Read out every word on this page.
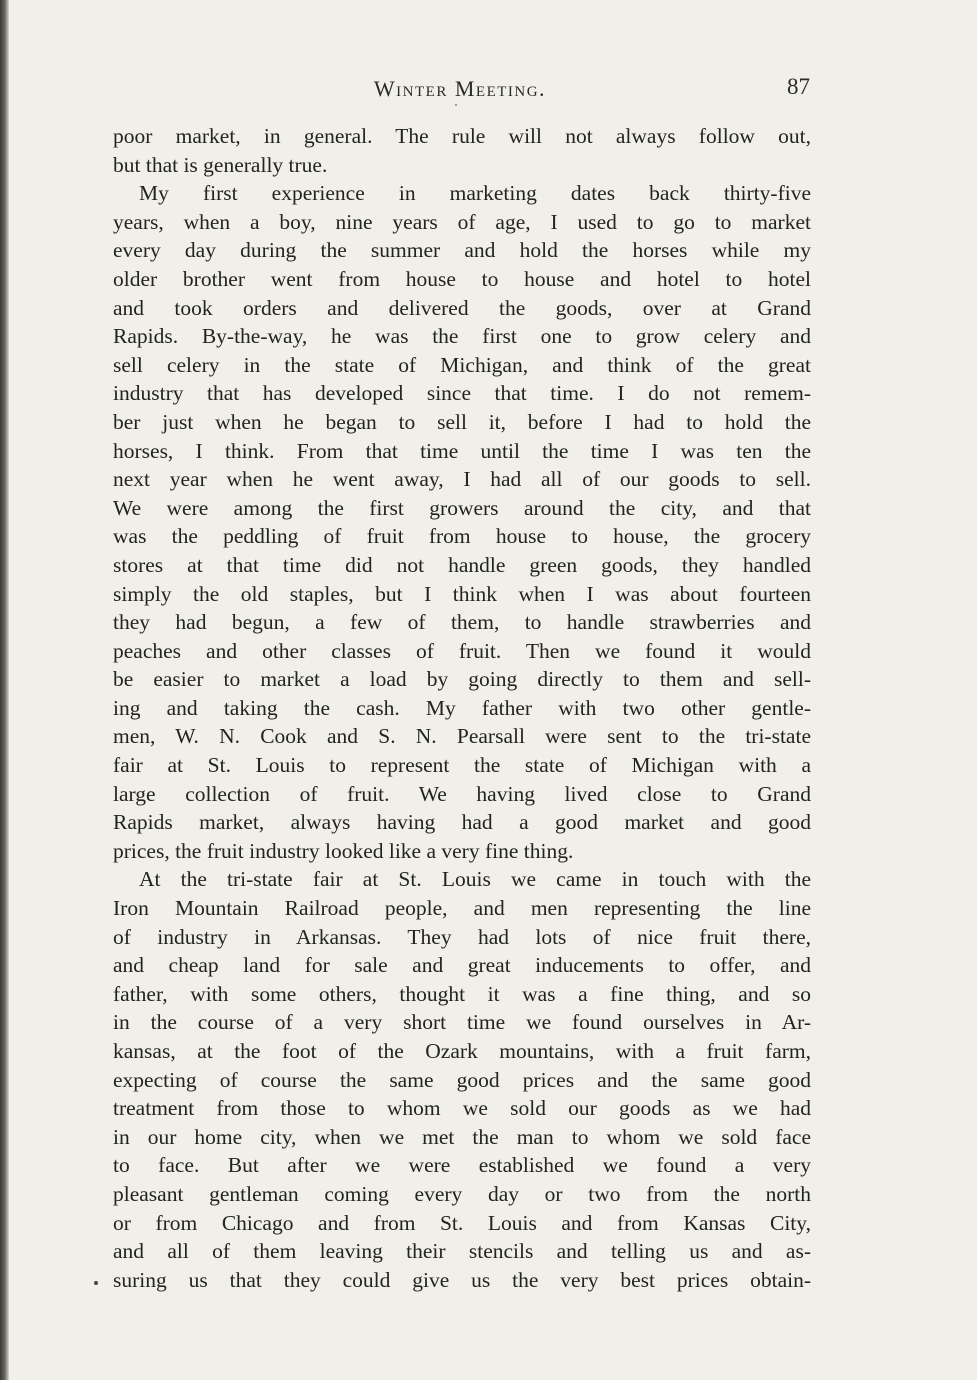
Winter Meeting.	87
poor market, in general. The rule will not always follow out,
but that is generally true.
My first experience in marketing dates back thirty-five
years, when a boy, nine years of age, I used to go to market
every day during the summer and hold the horses while my
older brother went from house to house and hotel to hotel
and took orders and delivered the goods, over at Grand
Rapids. By-the-way, he was the first one to grow celery and
sell celery in the state of Michigan, and think of the great
industry that has developed since that time. I do not remem-
ber just when he began to sell it, before I had to hold the
horses, I think. From that time until the time I was ten the
next year when he went away, I had all of our goods to sell.
We were among the first growers around the city, and that
was the peddling of fruit from house to house, the grocery
stores at that time did not handle green goods, they handled
simply the old staples, but I think when I was about fourteen
they had begun, a few of them, to handle strawberries and
peaches and other classes of fruit. Then we found it would
be easier to market a load by going directly to them and sell-
ing and taking the cash. My father with two other gentle-
men, W. N. Cook and S. N. Pearsall were sent to the tri-state
fair at St. Louis to represent the state of Michigan with a
large collection of fruit. We having lived close to Grand
Rapids market, always having had a good market and good
prices, the fruit industry looked like a very fine thing.
At the tri-state fair at St. Louis we came in touch with the
Iron Mountain Railroad people, and men representing the line
of industry in Arkansas. They had lots of nice fruit there,
and cheap land for sale and great inducements to offer, and
father, with some others, thought it was a fine thing, and so
in the course of a very short time we found ourselves in Ar-
kansas, at the foot of the Ozark mountains, with a fruit farm,
expecting of course the same good prices and the same good
treatment from those to whom we sold our goods as we had
in our home city, when we met the man to whom we sold face
to face. But after we were established we found a very
pleasant gentleman coming every day or two from the north
or from Chicago and from St. Louis and from Kansas City,
and all of them leaving their stencils and telling us and as-
suring us that they could give us the very best prices obtain-
